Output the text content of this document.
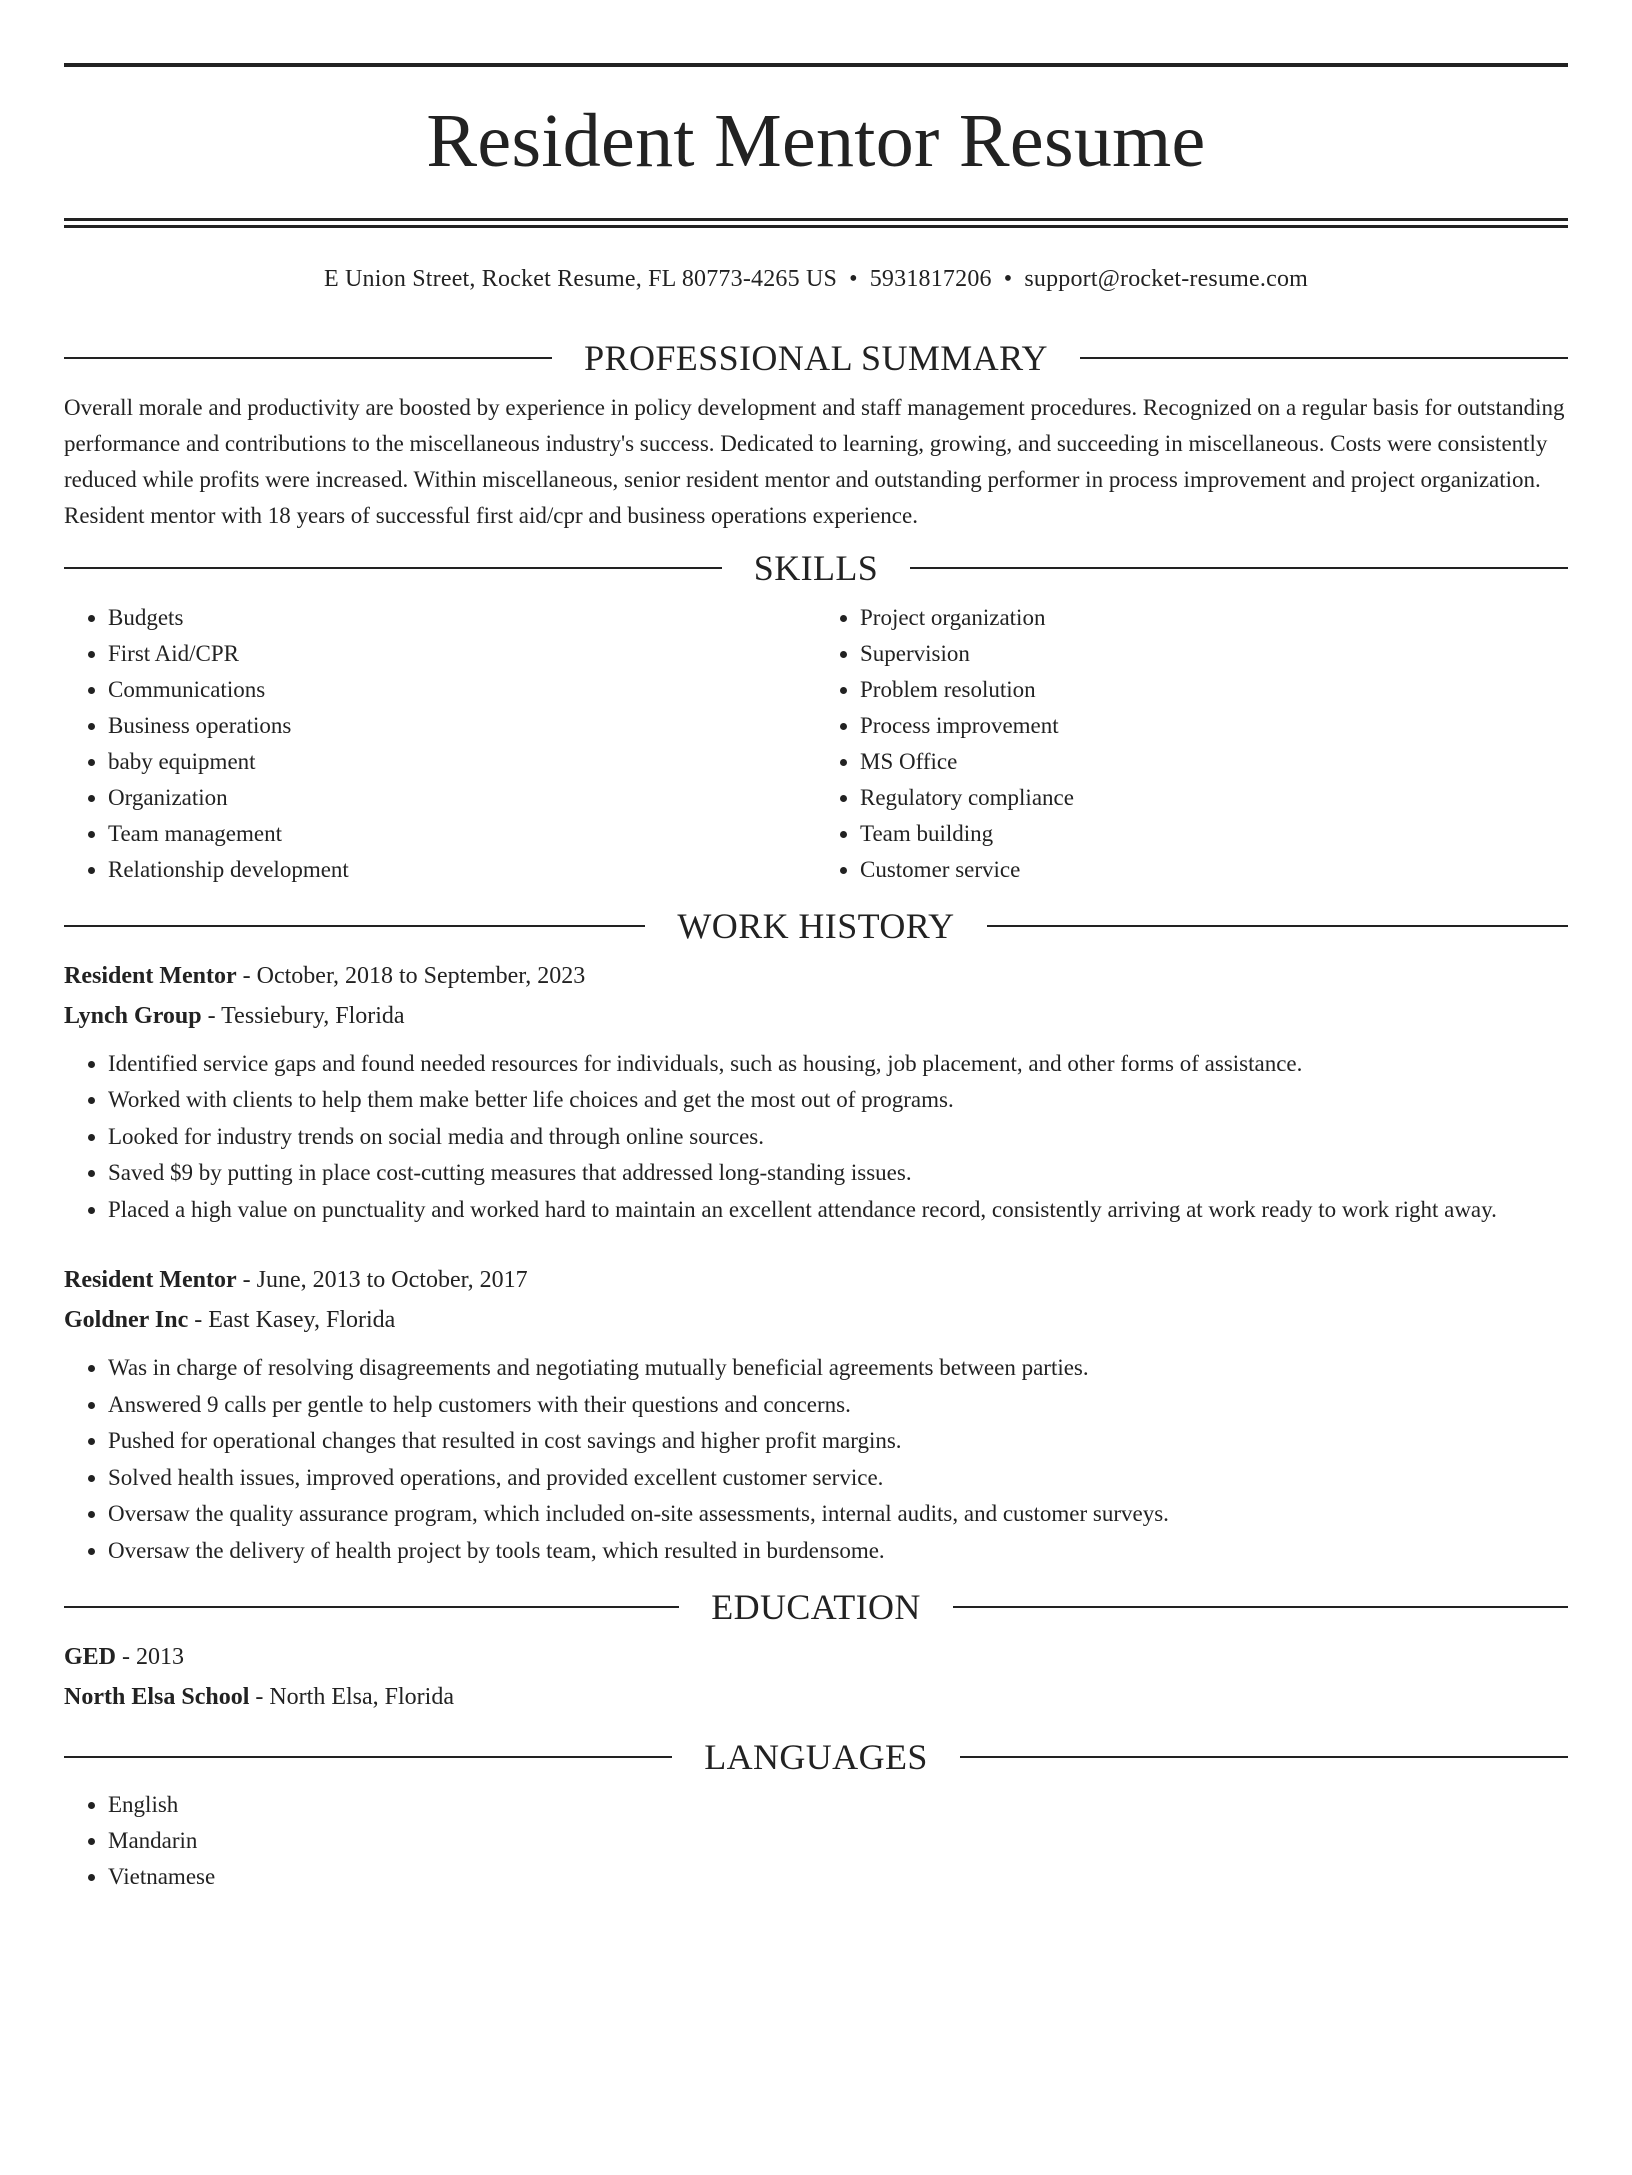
Resident Mentor Resume
E Union Street, Rocket Resume, FL 80773-4265 US • 5931817206 • support@rocket-resume.com
PROFESSIONAL SUMMARY

Overall morale and productivity are boosted by experience in policy development and staff management procedures. Recognized on a regular basis for outstanding performance and contributions to the miscellaneous industry's success. Dedicated to learning, growing, and succeeding in miscellaneous. Costs were consistently reduced while profits were increased. Within miscellaneous, senior resident mentor and outstanding performer in process improvement and project organization. Resident mentor with 18 years of successful first aid/cpr and business operations experience.

SKILLS
• Budgets
• First Aid/CPR
• Communications
• Business operations
• baby equipment
• Organization
• Team management
• Relationship development
• Project organization
• Supervision
• Problem resolution
• Process improvement
• MS Office
• Regulatory compliance
• Team building
• Customer service
WORK HISTORY
Resident Mentor - October, 2018 to September, 2023
Lynch Group - Tessiebury, Florida
• Identified service gaps and found needed resources for individuals, such as housing, job placement, and other forms of assistance.
• Worked with clients to help them make better life choices and get the most out of programs.
• Looked for industry trends on social media and through online sources.
• Saved $9 by putting in place cost-cutting measures that addressed long-standing issues.
• Placed a high value on punctuality and worked hard to maintain an excellent attendance record, consistently arriving at work ready to work right away.
Resident Mentor - June, 2013 to October, 2017
Goldner Inc - East Kasey, Florida
• Was in charge of resolving disagreements and negotiating mutually beneficial agreements between parties.
• Answered 9 calls per gentle to help customers with their questions and concerns.
• Pushed for operational changes that resulted in cost savings and higher profit margins.
• Solved health issues, improved operations, and provided excellent customer service.
• Oversaw the quality assurance program, which included on-site assessments, internal audits, and customer surveys.
• Oversaw the delivery of health project by tools team, which resulted in burdensome.
EDUCATION
GED - 2013
North Elsa School - North Elsa, Florida
LANGUAGES
• English
• Mandarin
• Vietnamese
